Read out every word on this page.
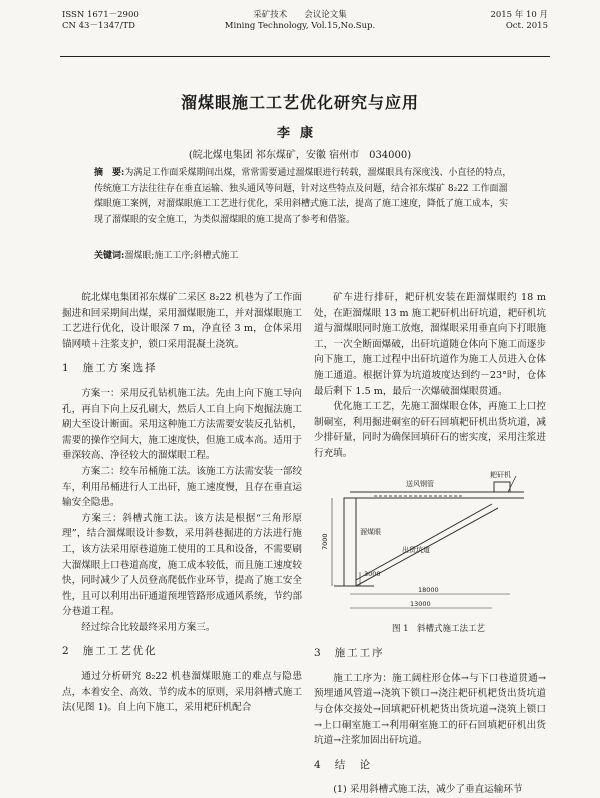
ISSN 1671－2900
CN 43－1347/TD
采矿技术　　会议论文集
Mining Technology, Vol.15,No.Sup.
2015 年 10 月
Oct. 2015
溜煤眼施工工艺优化研究与应用
李康
(皖北煤电集团 祁东煤矿，安徽 宿州市　034000)
摘　要:为满足工作面采煤期间出煤，常常需要通过溜煤眼进行转载，溜煤眼具有深度浅、小直径的特点，传统施工方法往往存在垂直运输、独头通风等问题，针对这些特点及问题，结合祁东煤矿 8₂22 工作面溜煤眼施工案例，对溜煤眼施工工艺进行优化，采用斜槽式施工法，提高了施工速度，降低了施工成本，实现了溜煤眼的安全施工，为类似溜煤眼的施工提高了参考和借鉴。
关键词:溜煤眼;施工工序;斜槽式施工

皖北煤电集团祁东煤矿二采区 8₂22 机巷为了工作面掘进和回采期间出煤，采用溜煤眼施工，并对溜煤眼施工工艺进行优化，设计眼深 7 m，净直径 3 m，仓体采用锚网喷＋注浆支护，锁口采用混凝土浇筑。

1 施工方案选择

方案一：采用反孔钻机施工法。先由上向下施工导向孔，再自下向上反孔刷大，然后人工自上向下炮掘法施工刷大至设计断面。采用这种施工方法需要安装反孔钻机，需要的操作空间大，施工速度快，但施工成本高。适用于垂深较高、净径较大的溜煤眼工程。

方案二：绞车吊桶施工法。该施工方法需安装一部绞车，利用吊桶进行人工出矸，施工速度慢，且存在垂直运输安全隐患。

方案三：斜槽式施工法。该方法是根据“三角形原理”，结合溜煤眼设计参数，采用斜巷掘进的方法进行施工，该方法采用原巷道施工使用的工具和设备，不需要刷大溜煤眼上口巷道高度，施工成本较低，而且施工速度较快，同时减少了人员登高爬低作业环节，提高了施工安全性，且可以利用出矸通道预埋管路形成通风系统，节约部分巷道工程。

经过综合比较最终采用方案三。

2 施工工艺优化

通过分析研究 8₂22 机巷溜煤眼施工的难点与隐患点，本着安全、高效、节约成本的原则，采用斜槽式施工法(见图 1)。自上向下施工，采用耙矸机配合

矿车进行排矸，耙矸机安装在距溜煤眼约 18 m 处，在距溜煤眼 13 m 施工耙矸机出矸坑道，耙矸机坑道与溜煤眼同时施工放炮，溜煤眼采用垂直向下打眼施工，一次全断面爆破，出矸坑道随仓体向下施工而逐步向下施工，施工过程中出矸坑道作为施工人员进入仓体施工通道。根据计算为坑道坡度达到约－23°时，仓体最后剩下 1.5 m，最后一次爆破溜煤眼贯通。

优化施工工艺，先施工溜煤眼仓体，再施工上口控制硐室，利用掘进硐室的矸石回填耙矸机出货坑道，减少排矸量，同时为确保回填矸石的密实度，采用注浆进行充填。

送风钢管
耙矸机
溜煤眼
出货坑道
7000
3000
18000
13000

图 1　斜槽式施工法工艺

3 施工工序

施工工序为：施工阔柱形仓体→与下口巷道贯通→预埋通风管道→浇筑下锁口→浇注耙矸机耙货出货坑道与仓体交接处→回填耙矸机耙货出货坑道→浇筑上锁口→上口硐室施工→利用硐室施工的矸石回填耙矸机出货坑道→注浆加固出矸坑道。

4 结　论

(1) 采用斜槽式施工法，减少了垂直运输环节
